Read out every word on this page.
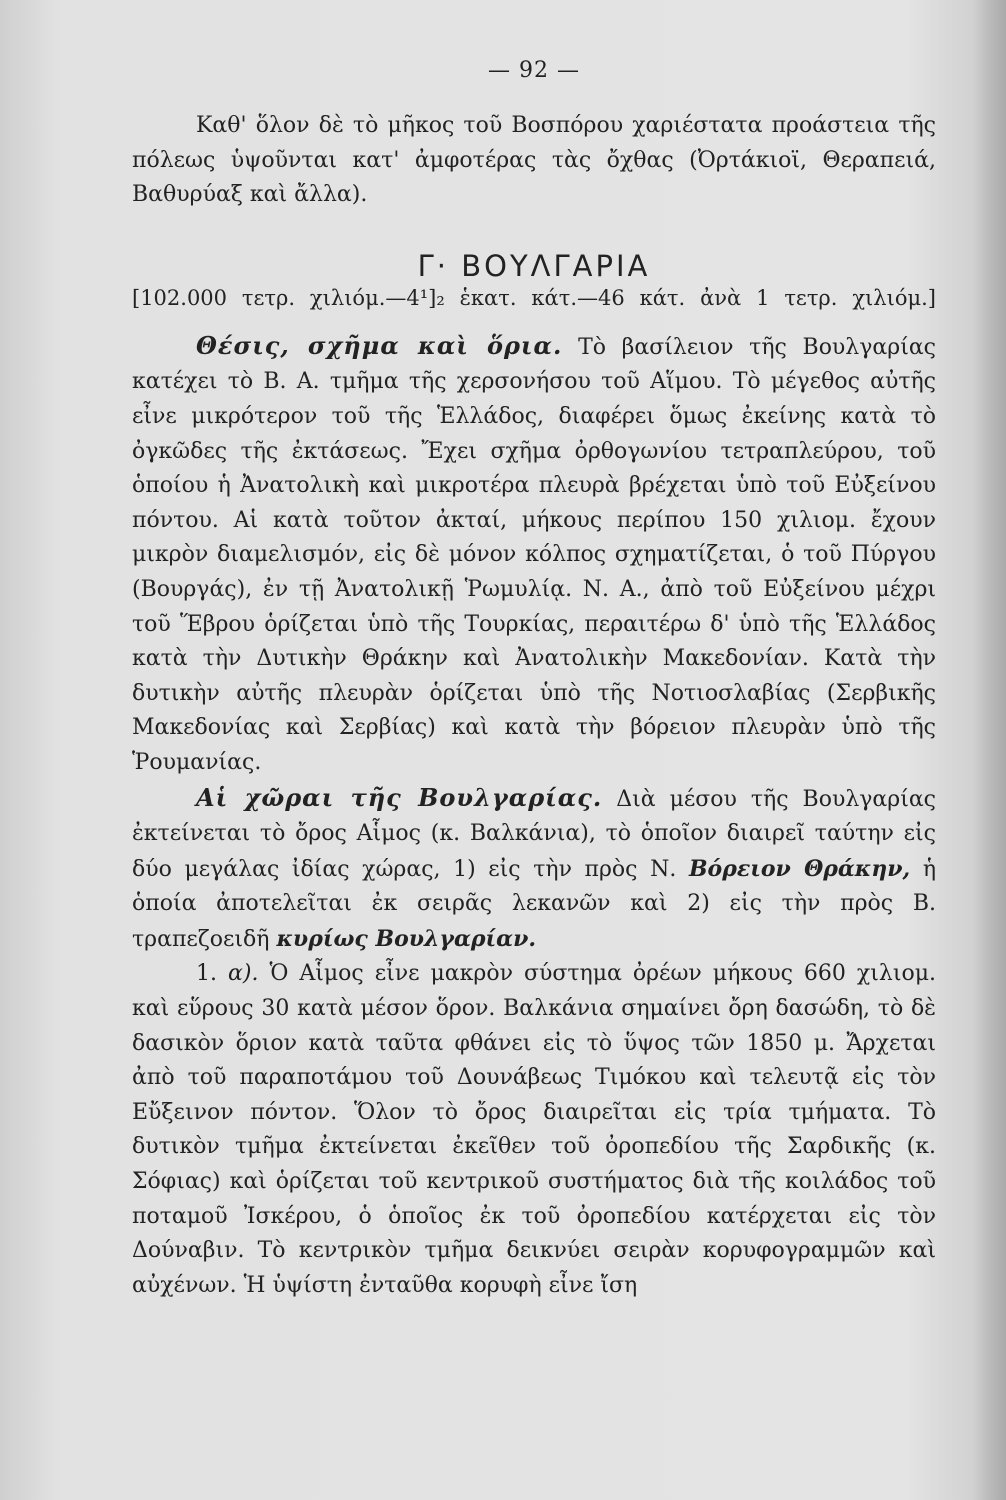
— 92 —

Καθ' ὅλον δὲ τὸ μῆκος τοῦ Βοσπόρου χαριέστατα προάστεια τῆς πόλεως ὑψοῦνται κατ' ἀμφοτέρας τὰς ὄχθας (Ὀρτάκιοϊ, Θεραπειά, Βαθυρύαξ καὶ ἄλλα).

Γ· ΒΟΥΛΓΑΡΙΑ

[102.000 τετρ. χιλιόμ.—4¹]₂ ἑκατ. κάτ.—46 κάτ. ἀνὰ 1 τετρ. χιλιόμ.]

Θέσις, σχῆμα καὶ ὅρια. Τὸ βασίλειον τῆς Βουλγαρίας κατέχει τὸ Β. Α. τμῆμα τῆς χερσονήσου τοῦ Αἵμου. Τὸ μέγεθος αὐτῆς εἶνε μικρότερον τοῦ τῆς Ἑλλάδος, διαφέρει ὅμως ἐκείνης κατὰ τὸ ὀγκῶδες τῆς ἐκτάσεως. Ἔχει σχῆμα ὀρθογωνίου τετραπλεύρου, τοῦ ὁποίου ἡ Ἀνατολικὴ καὶ μικροτέρα πλευρὰ βρέχεται ὑπὸ τοῦ Εὐξείνου πόντου. Αἱ κατὰ τοῦτον ἀκταί, μήκους περίπου 150 χιλιομ. ἔχουν μικρὸν διαμελισμόν, εἰς δὲ μόνον κόλπος σχηματίζεται, ὁ τοῦ Πύργου (Βουργάς), ἐν τῇ Ἀνατολικῇ Ῥωμυλίᾳ. Ν. Α., ἀπὸ τοῦ Εὐξείνου μέχρι τοῦ Ἕβρου ὁρίζεται ὑπὸ τῆς Τουρκίας, περαιτέρω δ' ὑπὸ τῆς Ἑλλάδος κατὰ τὴν Δυτικὴν Θράκην καὶ Ἀνατολικὴν Μακεδονίαν. Κατὰ τὴν δυτικὴν αὐτῆς πλευρὰν ὁρίζεται ὑπὸ τῆς Νοτιοσλαβίας (Σερβικῆς Μακεδονίας καὶ Σερβίας) καὶ κατὰ τὴν βόρειον πλευρὰν ὑπὸ τῆς Ῥουμανίας.

Αἱ χῶραι τῆς Βουλγαρίας. Διὰ μέσου τῆς Βουλγαρίας ἐκτείνεται τὸ ὄρος Αἷμος (κ. Βαλκάνια), τὸ ὁποῖον διαιρεῖ ταύτην εἰς δύο μεγάλας ἰδίας χώρας, 1) εἰς τὴν πρὸς Ν. Βόρειον Θράκην, ἡ ὁποία ἀποτελεῖται ἐκ σειρᾶς λεκανῶν καὶ 2) εἰς τὴν πρὸς Β. τραπεζοειδῆ κυρίως Βουλγαρίαν.

1. α). Ὁ Αἷμος εἶνε μακρὸν σύστημα ὀρέων μήκους 660 χιλιομ. καὶ εὕρους 30 κατὰ μέσον ὅρον. Βαλκάνια σημαίνει ὄρη δασώδη, τὸ δὲ δασικὸν ὅριον κατὰ ταῦτα φθάνει εἰς τὸ ὕψος τῶν 1850 μ. Ἄρχεται ἀπὸ τοῦ παραποτάμου τοῦ Δουνάβεως Τιμόκου καὶ τελευτᾷ εἰς τὸν Εὔξεινον πόντον. Ὅλον τὸ ὄρος διαιρεῖται εἰς τρία τμήματα. Τὸ δυτικὸν τμῆμα ἐκτείνεται ἐκεῖθεν τοῦ ὀροπεδίου τῆς Σαρδικῆς (κ. Σόφιας) καὶ ὁρίζεται τοῦ κεντρικοῦ συστήματος διὰ τῆς κοιλάδος τοῦ ποταμοῦ Ἰσκέρου, ὁ ὁποῖος ἐκ τοῦ ὀροπεδίου κατέρχεται εἰς τὸν Δούναβιν. Τὸ κεντρικὸν τμῆμα δεικνύει σειρὰν κορυφογραμμῶν καὶ αὐχένων. Ἡ ὑψίστη ἐνταῦθα κορυφὴ εἶνε ἴση
